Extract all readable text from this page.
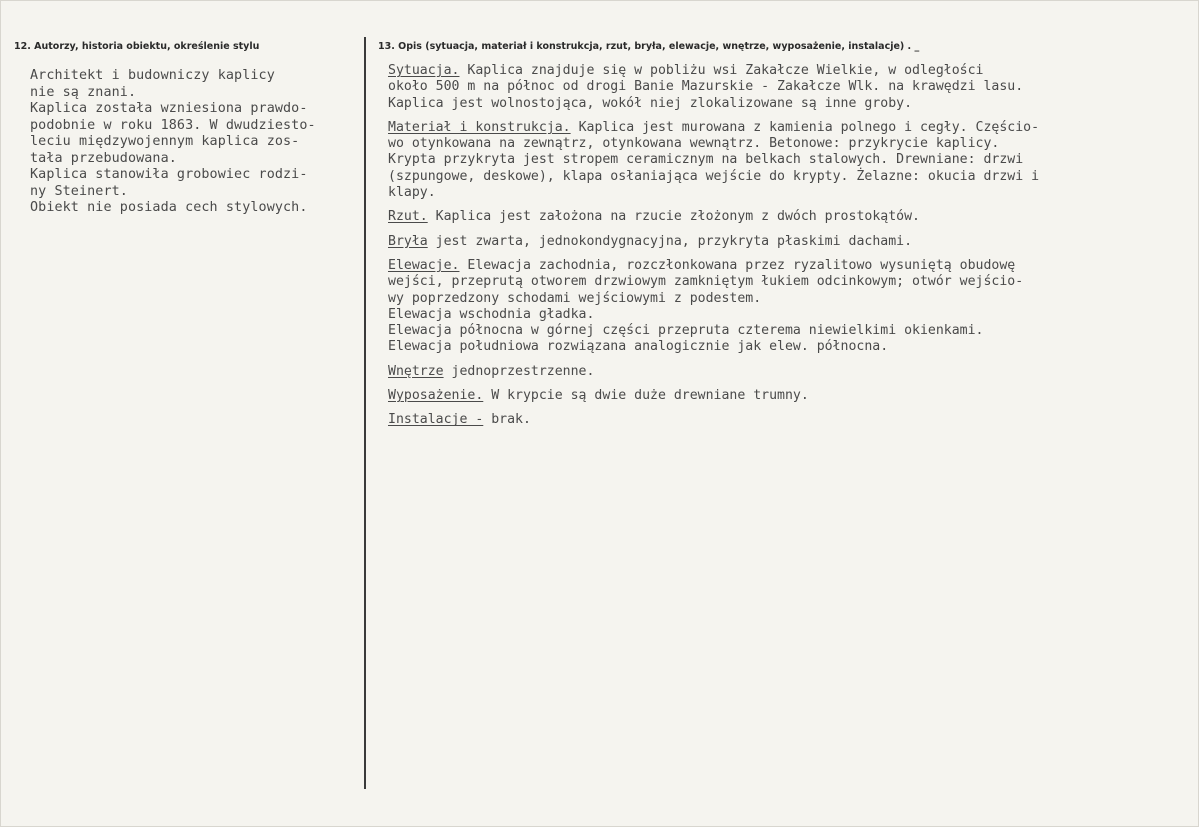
12. Autorzy, historia obiektu, określenie stylu	13. Opis (sytuacja, materiał i konstrukcja, rzut, bryła, elewacje, wnętrze, wyposażenie, instalacje) . _
Architekt i budowniczy kaplicy
nie są znani.
Kaplica została wzniesiona prawdo-
podobnie w roku 1863. W dwudziesto-
leciu międzywojennym kaplica zos-
tała przebudowana.
Kaplica stanowiła grobowiec rodzi-
ny Steinert.
Obiekt nie posiada cech stylowych.
Sytuacja. Kaplica znajduje się w pobliżu wsi Zakałcze Wielkie, w odległości
około 500 m na północ od drogi Banie Mazurskie - Zakałcze Wlk. na krawędzi lasu.
Kaplica jest wolnostojąca, wokół niej zlokalizowane są inne groby.
Materiał i konstrukcja. Kaplica jest murowana z kamienia polnego i cegły. Częścio-
wo otynkowana na zewnątrz, otynkowana wewnątrz. Betonowe: przykrycie kaplicy.
Krypta przykryta jest stropem ceramicznym na belkach stalowych. Drewniane: drzwi
(szpungowe, deskowe), klapa osłaniająca wejście do krypty. Żelazne: okucia drzwi i
klapy.
Rzut. Kaplica jest założona na rzucie złożonym z dwóch prostokątów.
Bryła jest zwarta, jednokondygnacyjna, przykryta płaskimi dachami.
Elewacje. Elewacja zachodnia, rozczłonkowana przez ryzalitowo wysuniętą obudowę
wejści, przeprutą otworem drzwiowym zamkniętym łukiem odcinkowym; otwór wejścio-
wy poprzedzony schodami wejściowymi z podestem.
Elewacja wschodnia gładka.
Elewacja północna w górnej części przeprutа czterema niewielkimi okienkami.
Elewacja południowa rozwiązana analogicznie jak elew. północna.
Wnętrze jednoprzestrzenne.
Wyposażenie. W krypcie są dwie duże drewniane trumny.
Instalacje - brak.
